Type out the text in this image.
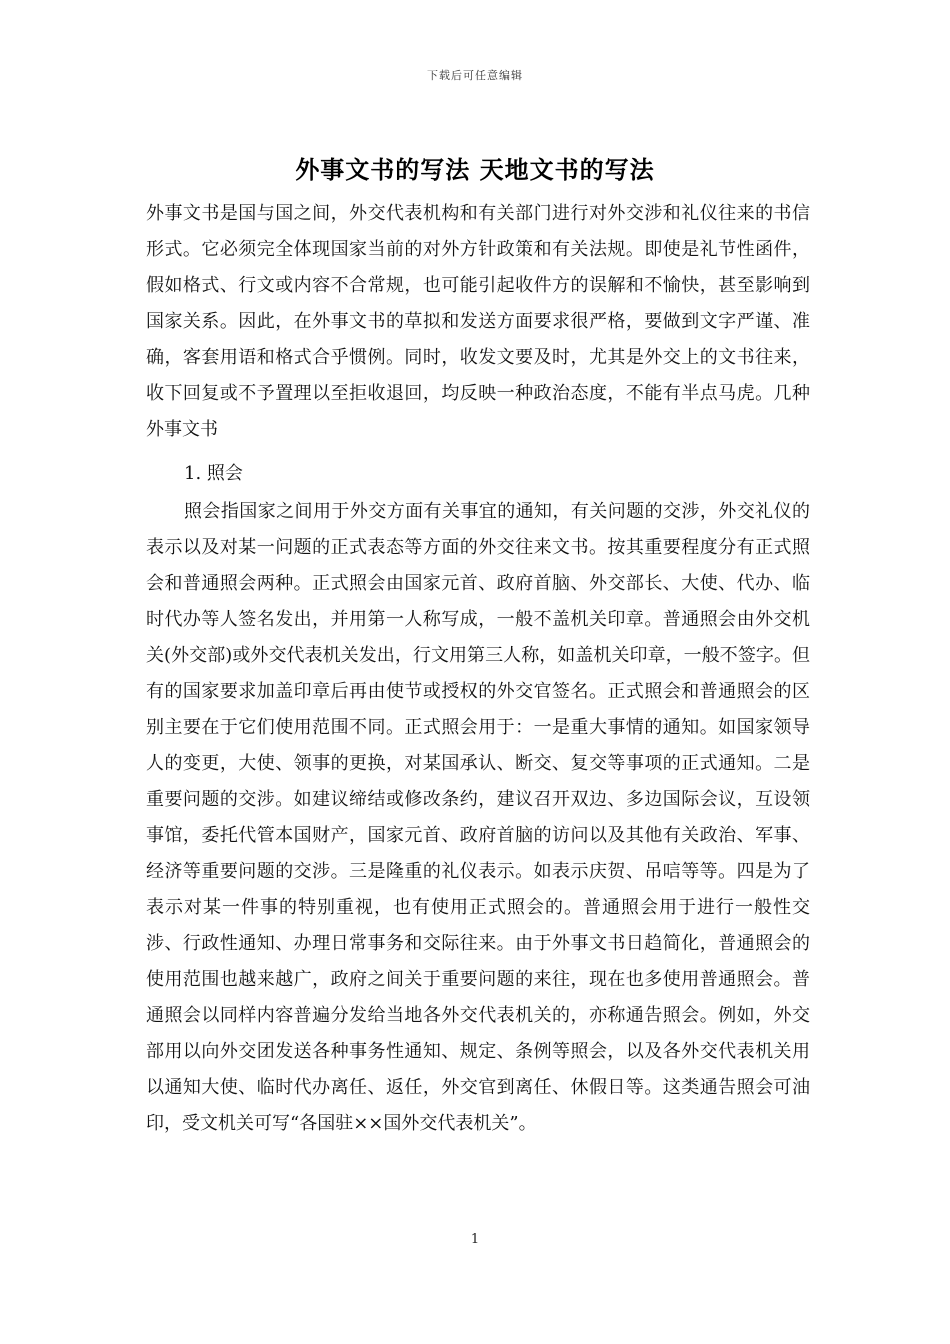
下载后可任意编辑
外事文书的写法 天地文书的写法

外事文书是国与国之间，外交代表机构和有关部门进行对外交涉和礼仪往来的书信形式。它必须完全体现国家当前的对外方针政策和有关法规。即使是礼节性函件，假如格式、行文或内容不合常规，也可能引起收件方的误解和不愉快，甚至影响到国家关系。因此，在外事文书的草拟和发送方面要求很严格，要做到文字严谨、准确，客套用语和格式合乎惯例。同时，收发文要及时，尤其是外交上的文书往来，收下回复或不予置理以至拒收退回，均反映一种政治态度，不能有半点马虎。几种外事文书

1. 照会

照会指国家之间用于外交方面有关事宜的通知，有关问题的交涉，外交礼仪的表示以及对某一问题的正式表态等方面的外交往来文书。按其重要程度分有正式照会和普通照会两种。正式照会由国家元首、政府首脑、外交部长、大使、代办、临时代办等人签名发出，并用第一人称写成，一般不盖机关印章。普通照会由外交机关(外交部)或外交代表机关发出，行文用第三人称，如盖机关印章，一般不签字。但有的国家要求加盖印章后再由使节或授权的外交官签名。正式照会和普通照会的区别主要在于它们使用范围不同。正式照会用于：一是重大事情的通知。如国家领导人的变更，大使、领事的更换，对某国承认、断交、复交等事项的正式通知。二是重要问题的交涉。如建议缔结或修改条约，建议召开双边、多边国际会议，互设领事馆，委托代管本国财产，国家元首、政府首脑的访问以及其他有关政治、军事、经济等重要问题的交涉。三是隆重的礼仪表示。如表示庆贺、吊唁等等。四是为了表示对某一件事的特别重视，也有使用正式照会的。普通照会用于进行一般性交涉、行政性通知、办理日常事务和交际往来。由于外事文书日趋简化，普通照会的使用范围也越来越广，政府之间关于重要问题的来往，现在也多使用普通照会。普通照会以同样内容普遍分发给当地各外交代表机关的，亦称通告照会。例如，外交部用以向外交团发送各种事务性通知、规定、条例等照会，以及各外交代表机关用以通知大使、临时代办离任、返任，外交官到离任、休假日等。这类通告照会可油印，受文机关可写“各国驻××国外交代表机关”。

1
